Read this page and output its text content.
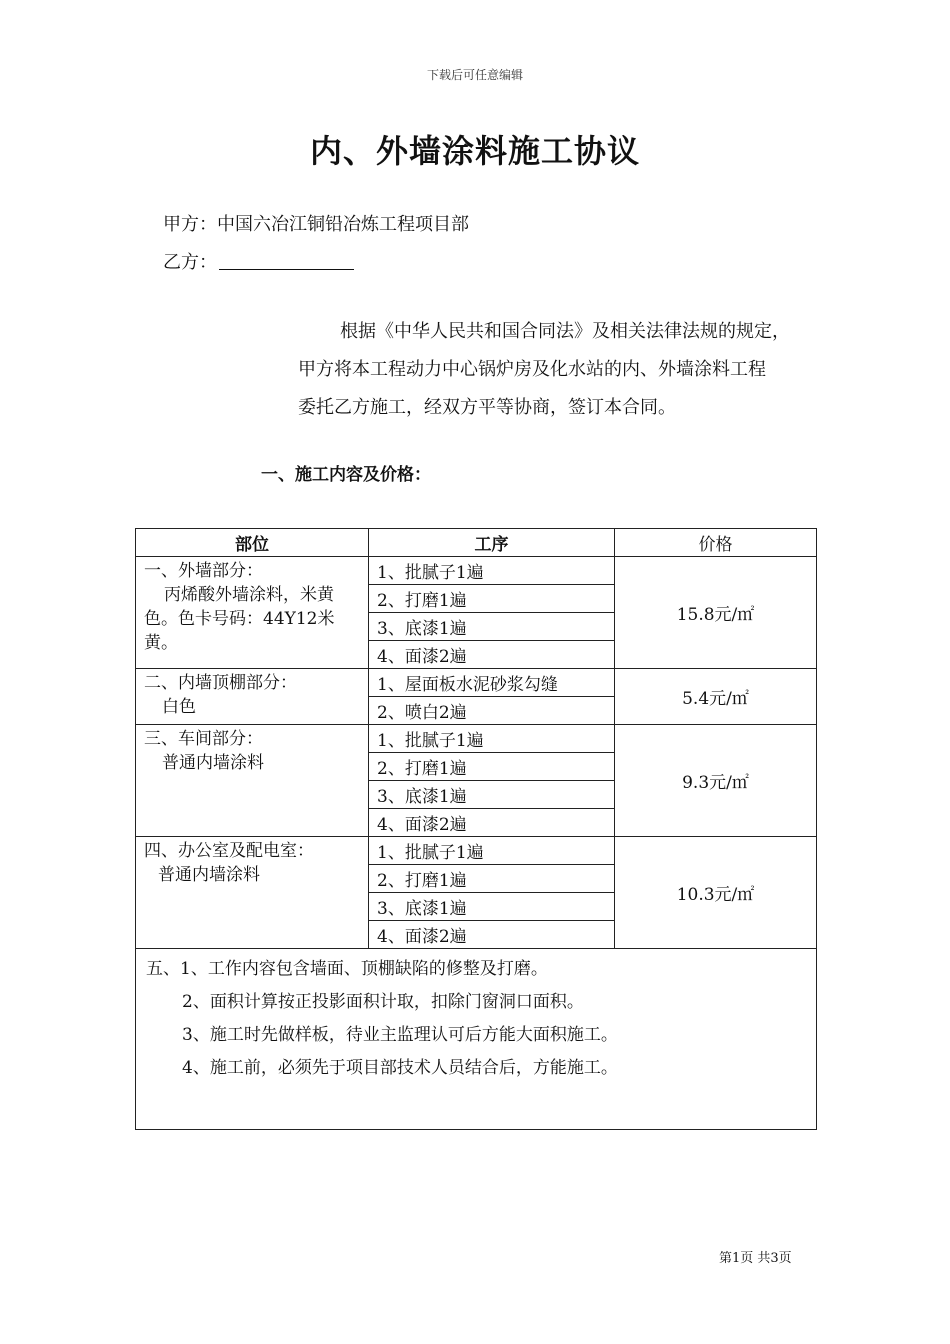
下载后可任意编辑
内、外墙涂料施工协议
甲方：中国六冶江铜铅冶炼工程项目部
乙方：
根据《中华人民共和国合同法》及相关法律法规的规定，
甲方将本工程动力中心锅炉房及化水站的内、外墙涂料工程
委托乙方施工，经双方平等协商，签订本合同。
一、施工内容及价格：
部位	工序	价格

一、外墙部分：
丙烯酸外墙涂料，米黄色。色卡号码：44Y12米黄。	1、批腻子1遍	15.8元/㎡
	2、打磨1遍	
	3、底漆1遍	
	4、面漆2遍	

二、内墙顶棚部分：
白色	1、屋面板水泥砂浆勾缝	5.4元/㎡
	2、喷白2遍	

三、车间部分：
普通内墙涂料	1、批腻子1遍	9.3元/㎡
	2、打磨1遍	
	3、底漆1遍	
	4、面漆2遍	

四、办公室及配电室：
普通内墙涂料	1、批腻子1遍	10.3元/㎡
	2、打磨1遍	
	3、底漆1遍	
	4、面漆2遍	

五、1、工作内容包含墙面、顶棚缺陷的修整及打磨。
2、面积计算按正投影面积计取，扣除门窗洞口面积。
3、施工时先做样板，待业主监理认可后方能大面积施工。
4、施工前，必须先于项目部技术人员结合后，方能施工。		
第1页 共3页
